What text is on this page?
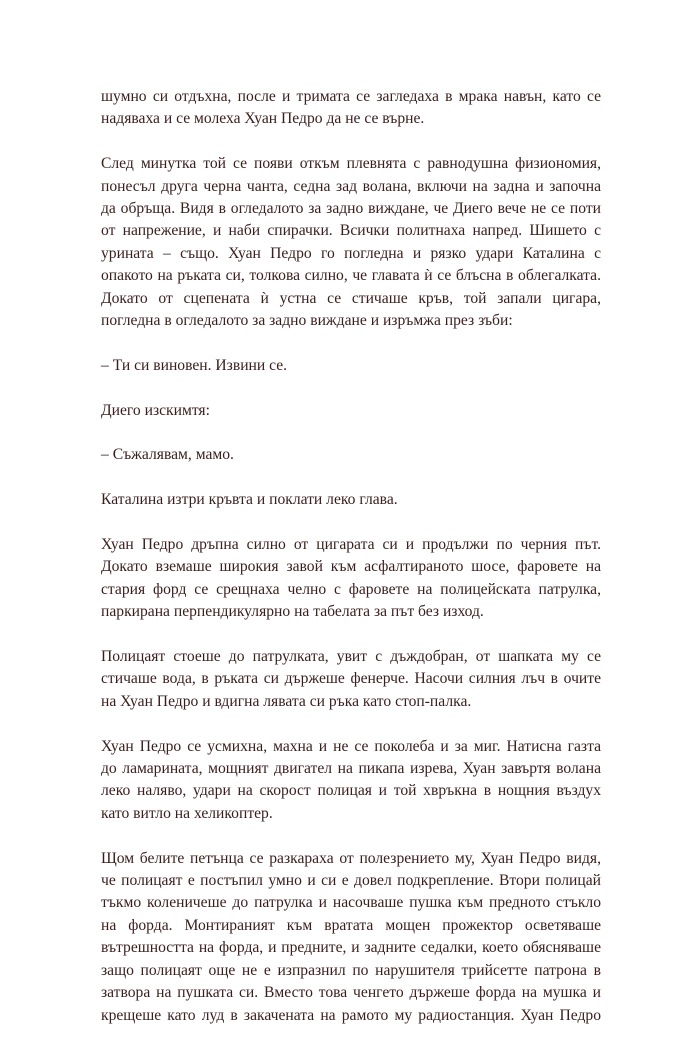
шумно си отдъхна, после и тримата се загледаха в мрака навън, като се
надяваха и се молеха Хуан Педро да не се върне.
След минутка той се появи откъм плевнята с равнодушна физиономия,
понесъл друга черна чанта, седна зад волана, включи на задна и започна
да обръща. Видя в огледалото за задно виждане, че Диего вече не се поти
от напрежение, и наби спирачки. Всички политнаха напред. Шишето с
урината – също. Хуан Педро го погледна и рязко удари Каталина с
опакото на ръката си, толкова силно, че главата ѝ се блъсна в облегалката.
Докато от сцепената ѝ устна се стичаше кръв, той запали цигара,
погледна в огледалото за задно виждане и изръмжа през зъби:
– Ти си виновен. Извини се.
Диего изскимтя:
– Съжалявам, мамо.
Каталина изтри кръвта и поклати леко глава.
Хуан Педро дръпна силно от цигарата си и продължи по черния път.
Докато вземаше широкия завой към асфалтираното шосе, фаровете на
стария форд се срещнаха челно с фаровете на полицейската патрулка,
паркирана перпендикулярно на табелата за път без изход.
Полицаят стоеше до патрулката, увит с дъждобран, от шапката му се
стичаше вода, в ръката си държеше фенерче. Насочи силния лъч в очите
на Хуан Педро и вдигна лявата си ръка като стоп-палка.
Хуан Педро се усмихна, махна и не се поколеба и за миг. Натисна газта
до ламарината, мощният двигател на пикапа изрева, Хуан завъртя волана
леко наляво, удари на скорост полицая и той хвръкна в нощния въздух
като витло на хеликоптер.
Щом белите петънца се разкараха от полезрението му, Хуан Педро видя,
че полицаят е постъпил умно и си е довел подкрепление. Втори полицай
тъкмо коленичеше до патрулка и насочваше пушка към предното стъкло
на форда. Монтираният към вратата мощен прожектор осветяваше
вътрешността на форда, и предните, и задните седалки, което обясняваше
защо полицаят още не е изпразнил по нарушителя трийсетте патрона в
затвора на пушката си. Вместо това ченгето държеше форда на мушка и
крещеше като луд в закачената на рамото му радиостанция. Хуан Педро
